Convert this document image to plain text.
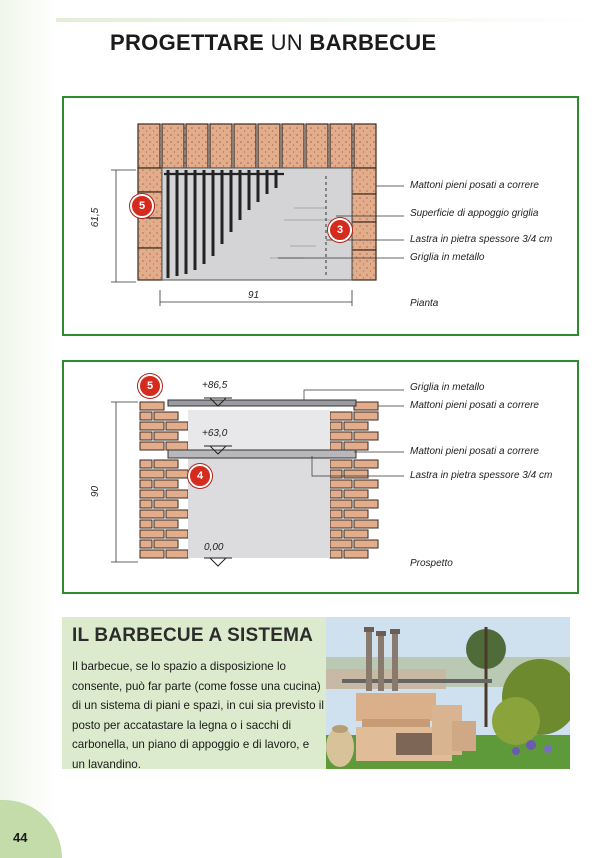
PROGETTARE UN BARBECUE
61,5
91
Mattoni pieni posati a correre
Superficie di appoggio griglia
Lastra in pietra spessore 3/4 cm
Griglia in metallo
Pianta
5
3
90
+86,5
+63,0
0,00
Griglia in metallo
Mattoni pieni posati a correre
Mattoni pieni posati a correre
Lastra in pietra spessore 3/4 cm
Prospetto
5
4
IL BARBECUE A SISTEMA

Il barbecue, se lo spazio a disposizione lo consente, può far parte (come fosse una cucina) di un sistema di piani e spazi, in cui sia previsto il posto per accatastare la legna o i sacchi di carbonella, un piano di appoggio e di lavoro, e un lavandino.

44
